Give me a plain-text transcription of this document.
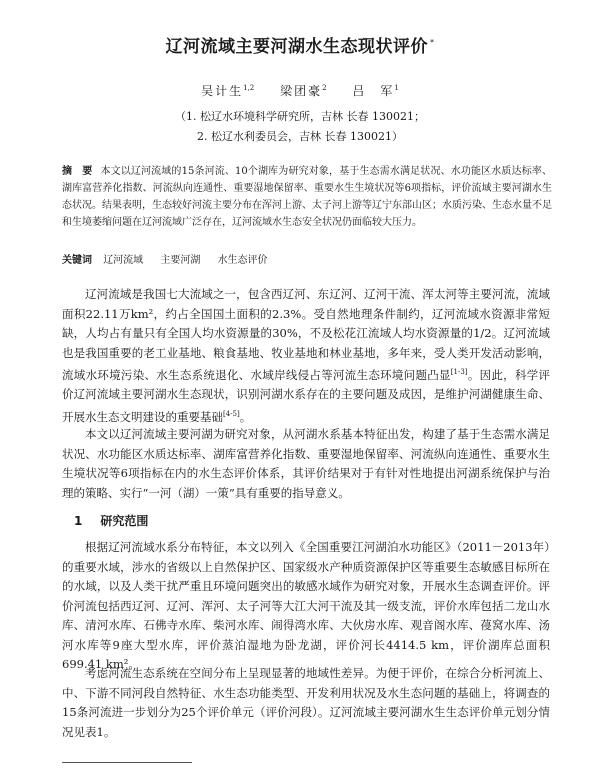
辽河流域主要河湖水生态现状评价 *
吴计生$^{1,2}$ 梁团豪$^2$ 吕　军$^1$
（1. 松辽水环境科学研究所，吉林 长春 130021；
2. 松辽水利委员会，吉林 长春 130021）
摘　要 本文以辽河流域的15条河流、10个湖库为研究对象，基于生态需水满足状况、水功能区水质达标率、湖库富营养化指数、河流纵向连通性、重要湿地保留率、重要水生生境状况等6项指标，评价流域主要河湖水生态状况。结果表明，生态较好河流主要分布在浑河上游、太子河上游等辽宁东部山区；水质污染、生态水量不足和生境萎缩问题在辽河流域广泛存在，辽河流域水生态安全状况仍面临较大压力。
关键词 辽河流域 主要河湖 水生态评价

辽河流域是我国七大流域之一，包含西辽河、东辽河、辽河干流、浑太河等主要河流，流域面积22.11万km²，约占全国国土面积的2.3%。受自然地理条件制约，辽河流域水资源非常短缺，人均占有量只有全国人均水资源量的30%，不及松花江流域人均水资源量的1/2。辽河流域也是我国重要的老工业基地、粮食基地、牧业基地和林业基地，多年来，受人类开发活动影响，流域水环境污染、水生态系统退化、水域岸线侵占等河流生态环境问题凸显[1-3]。因此，科学评价辽河流域主要河湖水生态现状，识别河湖水系存在的主要问题及成因，是维护河湖健康生命、开展水生态文明建设的重要基础[4-5]。

本文以辽河流域主要河湖为研究对象，从河湖水系基本特征出发，构建了基于生态需水满足状况、水功能区水质达标率、湖库富营养化指数、重要湿地保留率、河流纵向连通性、重要水生生境状况等6项指标在内的水生态评价体系，其评价结果对于有针对性地提出河湖系统保护与治理的策略、实行“一河（湖）一策”具有重要的指导意义。

1 研究范围

根据辽河流域水系分布特征，本文以列入《全国重要江河湖泊水功能区》（2011－2013年）的重要水域，涉水的省级以上自然保护区、国家级水产种质资源保护区等重要生态敏感目标所在的水域，以及人类干扰严重且环境问题突出的敏感水域作为研究对象，开展水生态调查评价。评价河流包括西辽河、辽河、浑河、太子河等大江大河干流及其一级支流，评价水库包括二龙山水库、清河水库、石佛寺水库、柴河水库、闹得湾水库、大伙房水库、观音阁水库、葠窝水库、汤河水库等9座大型水库，评价蒸泊湿地为卧龙湖，评价河长4414.5 km，评价湖库总面积699.41 km²。

考虑河流生态系统在空间分布上呈现显著的地域性差异。为便于评价，在综合分析河流上、中、下游不同河段自然特征、水生态功能类型、开发利用状况及水生态问题的基础上，将调查的15条河流进一步划分为25个评价单元（评价河段）。辽河流域主要河湖水生生态评价单元划分情况见表1。
